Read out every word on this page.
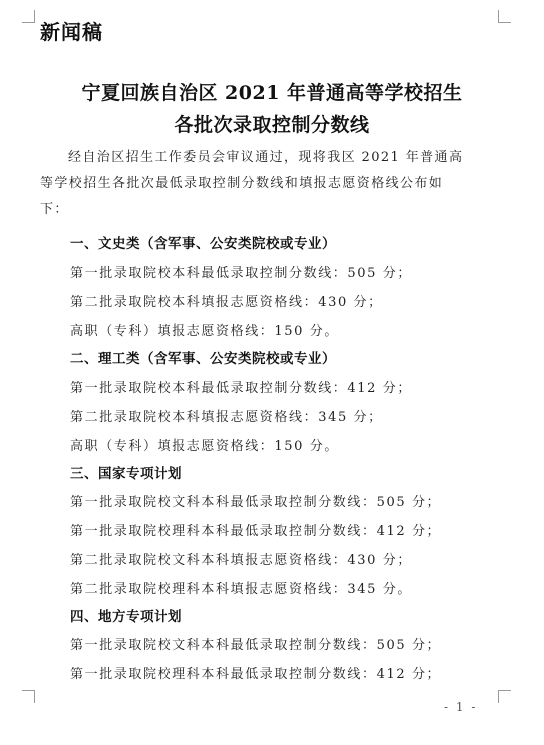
新闻稿
宁夏回族自治区 2021 年普通高等学校招生
各批次录取控制分数线
经自治区招生工作委员会审议通过，现将我区 2021 年普通高
等学校招生各批次最低录取控制分数线和填报志愿资格线公布如
下：
一、文史类（含军事、公安类院校或专业）
第一批录取院校本科最低录取控制分数线：505 分；
第二批录取院校本科填报志愿资格线：430 分；
高职（专科）填报志愿资格线：150 分。
二、理工类（含军事、公安类院校或专业）
第一批录取院校本科最低录取控制分数线：412 分；
第二批录取院校本科填报志愿资格线：345 分；
高职（专科）填报志愿资格线：150 分。
三、国家专项计划
第一批录取院校文科本科最低录取控制分数线：505 分；
第一批录取院校理科本科最低录取控制分数线：412 分；
第二批录取院校文科本科填报志愿资格线：430 分；
第二批录取院校理科本科填报志愿资格线：345 分。
四、地方专项计划
第一批录取院校文科本科最低录取控制分数线：505 分；
第一批录取院校理科本科最低录取控制分数线：412 分；
- 1 -
